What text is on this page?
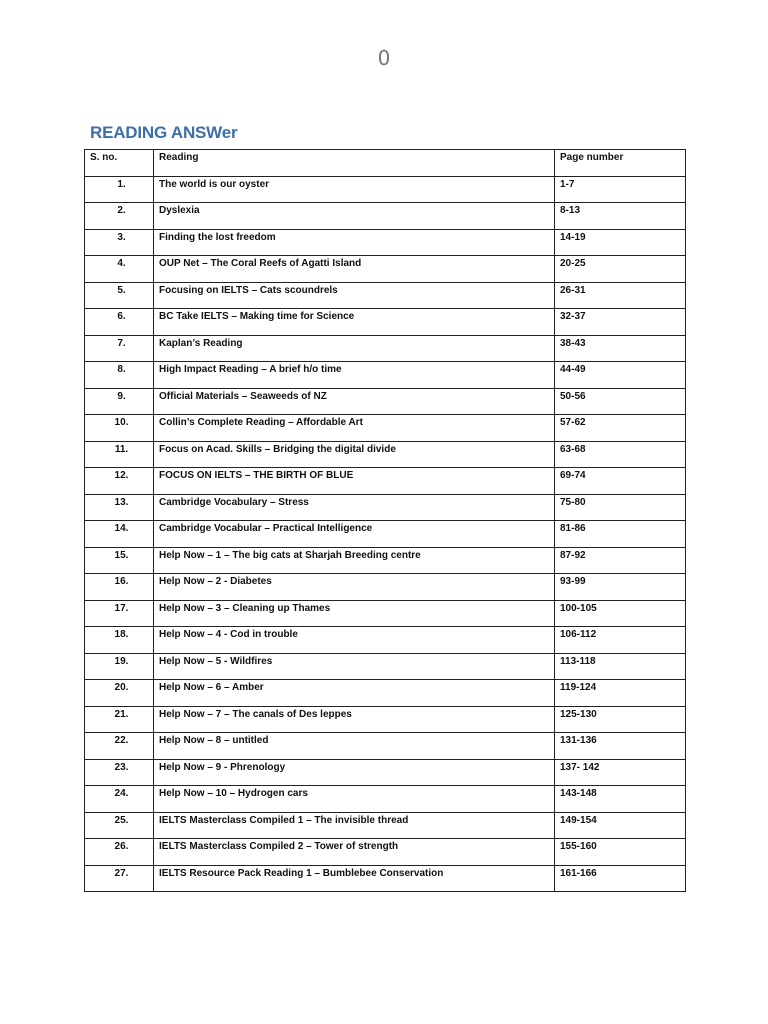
0
READING ANSWer
S. no.	Reading	Page number
1.	The world is our oyster	1-7
2.	Dyslexia	8-13
3.	Finding the lost freedom	14-19
4.	OUP Net – The Coral Reefs of Agatti Island	20-25
5.	Focusing on IELTS – Cats scoundrels	26-31
6.	BC Take IELTS – Making time for Science	32-37
7.	Kaplan’s Reading	38-43
8.	High Impact Reading – A brief h/o time	44-49
9.	Official Materials – Seaweeds of NZ	50-56
10.	Collin’s Complete Reading – Affordable Art	57-62
11.	Focus on Acad. Skills – Bridging the digital divide	63-68
12.	FOCUS ON IELTS – THE BIRTH OF BLUE	69-74
13.	Cambridge Vocabulary – Stress	75-80
14.	Cambridge Vocabular – Practical Intelligence	81-86
15.	Help Now – 1 – The big cats at Sharjah Breeding centre	87-92
16.	Help Now – 2 - Diabetes	93-99
17.	Help Now – 3 – Cleaning up Thames	100-105
18.	Help Now – 4 - Cod in trouble	106-112
19.	Help Now – 5 - Wildfires	113-118
20.	Help Now – 6 – Amber	119-124
21.	Help Now – 7 – The canals of Des leppes	125-130
22.	Help Now – 8 – untitled	131-136
23.	Help Now – 9 - Phrenology	137- 142
24.	Help Now – 10 – Hydrogen cars	143-148
25.	IELTS Masterclass Compiled 1 – The invisible thread	149-154
26.	IELTS Masterclass Compiled 2 – Tower of strength	155-160
27.	IELTS Resource Pack Reading 1 – Bumblebee Conservation	161-166
